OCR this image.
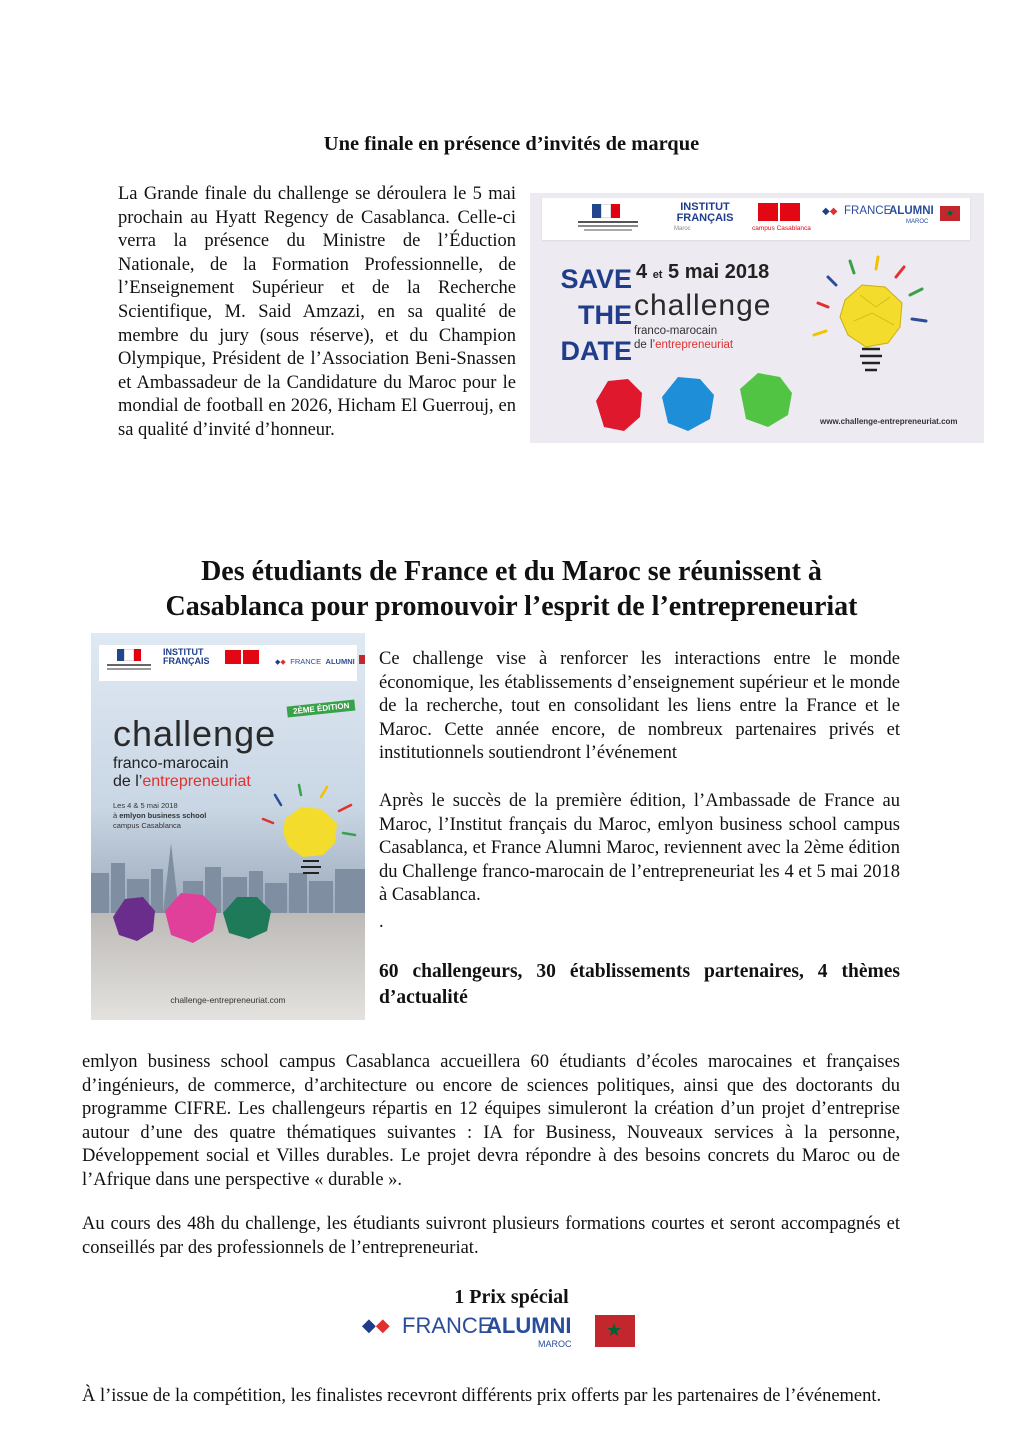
Une finale en présence d’invités de marque

La Grande finale du challenge se déroulera le 5 mai prochain au Hyatt Regency de Casablanca. Celle-ci verra la présence du Ministre de l’Éduction Nationale, de la Formation Professionnelle, de l’Enseignement Supérieur et de la Recherche Scientifique, M. Said Amzazi, en sa qualité de membre du jury (sous réserve), et du Champion Olympique, Président de l’Association Beni-Snassen et Ambassadeur de la Candidature du Maroc pour le mondial de football en 2026, Hicham El Guerrouj, en sa qualité d’invité d’honneur.

INSTITUT
FRANÇAIS
Maroc	campus Casablanca
◆◆ FRANCE
ALUMNI
MAROC
★
SAVE
THE
DATE
4 et 5 mai 2018
challenge
franco-marocain
de l’entrepreneuriat
www.challenge-entrepreneuriat.com
Des étudiants de France et du Maroc se réunissent à
Casablanca pour promouvoir l’esprit de l’entrepreneuriat
INSTITUT
FRANÇAIS	◆◆ FRANCE ALUMNI
2ÈME ÉDITION
challenge
franco-marocain
de l’entrepreneuriat
Les 4 & 5 mai 2018
à emlyon business school
campus Casablanca
challenge-entrepreneuriat.com

Ce challenge vise à renforcer les interactions entre le monde économique, les établissements d’enseignement supérieur et le monde de la recherche, tout en consolidant les liens entre la France et le Maroc. Cette année encore, de nombreux partenaires privés et institutionnels soutiendront l’événement

Après le succès de la première édition, l’Ambassade de France au Maroc, l’Institut français du Maroc, emlyon business school campus Casablanca, et France Alumni Maroc, reviennent avec la 2ème édition du Challenge franco-marocain de l’entrepreneuriat les 4 et 5 mai 2018 à Casablanca.

.

60 challengeurs, 30 établissements partenaires, 4 thèmes d’actualité

emlyon business school campus Casablanca accueillera 60 étudiants d’écoles marocaines et françaises d’ingénieurs, de commerce, d’architecture ou encore de sciences politiques, ainsi que des doctorants du programme CIFRE. Les challengeurs répartis en 12 équipes simuleront la création d’un projet d’entreprise autour d’une des quatre thématiques suivantes : IA for Business, Nouveaux services à la personne, Développement social et Villes durables. Le projet devra répondre à des besoins concrets du Maroc ou de l’Afrique dans une perspective « durable ».

Au cours des 48h du challenge, les étudiants suivront plusieurs formations courtes et seront accompagnés et conseillés par des professionnels de l’entrepreneuriat.

1 Prix spécial
◆◆ FRANCE
ALUMNI
MAROC
★

À l’issue de la compétition, les finalistes recevront différents prix offerts par les partenaires de l’événement.
